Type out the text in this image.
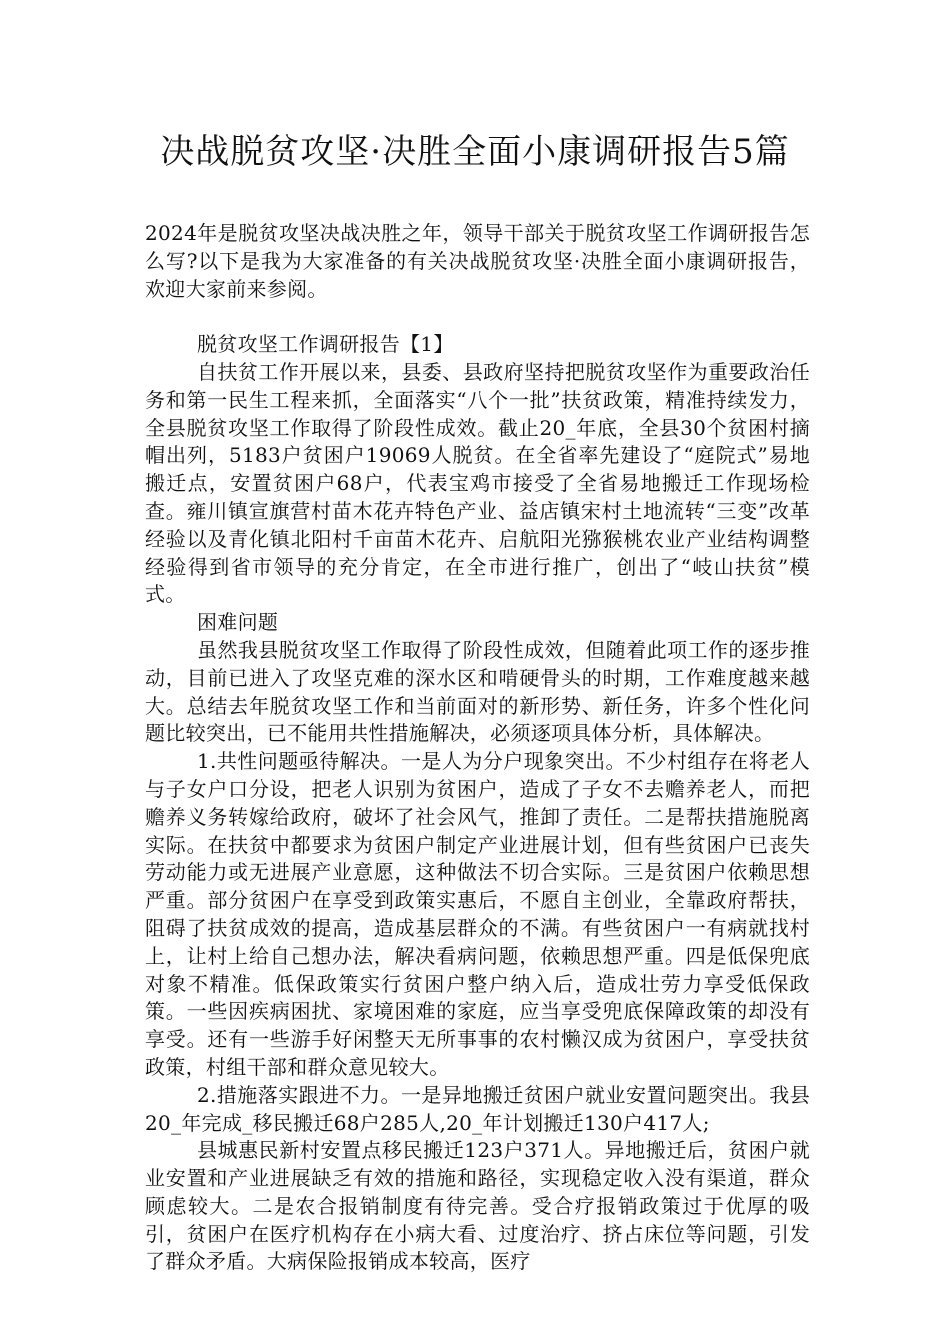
决战脱贫攻坚·决胜全面小康调研报告5篇

2024年是脱贫攻坚决战决胜之年，领导干部关于脱贫攻坚工作调研报告怎么写?以下是我为大家准备的有关决战脱贫攻坚·决胜全面小康调研报告，欢迎大家前来参阅。

脱贫攻坚工作调研报告【1】

自扶贫工作开展以来，县委、县政府坚持把脱贫攻坚作为重要政治任务和第一民生工程来抓，全面落实“八个一批”扶贫政策，精准持续发力，全县脱贫攻坚工作取得了阶段性成效。截止20_年底，全县30个贫困村摘帽出列，5183户贫困户19069人脱贫。在全省率先建设了“庭院式”易地搬迁点，安置贫困户68户，代表宝鸡市接受了全省易地搬迁工作现场检查。雍川镇宣旗营村苗木花卉特色产业、益店镇宋村土地流转“三变”改革经验以及青化镇北阳村千亩苗木花卉、启航阳光猕猴桃农业产业结构调整经验得到省市领导的充分肯定，在全市进行推广，创出了“岐山扶贫”模式。

困难问题

虽然我县脱贫攻坚工作取得了阶段性成效，但随着此项工作的逐步推动，目前已进入了攻坚克难的深水区和啃硬骨头的时期，工作难度越来越大。总结去年脱贫攻坚工作和当前面对的新形势、新任务，许多个性化问题比较突出，已不能用共性措施解决，必须逐项具体分析，具体解决。

1.共性问题亟待解决。一是人为分户现象突出。不少村组存在将老人与子女户口分设，把老人识别为贫困户，造成了子女不去赡养老人，而把赡养义务转嫁给政府，破坏了社会风气，推卸了责任。二是帮扶措施脱离实际。在扶贫中都要求为贫困户制定产业进展计划，但有些贫困户已丧失劳动能力或无进展产业意愿，这种做法不切合实际。三是贫困户依赖思想严重。部分贫困户在享受到政策实惠后，不愿自主创业，全靠政府帮扶，阻碍了扶贫成效的提高，造成基层群众的不满。有些贫困户一有病就找村上，让村上给自己想办法，解决看病问题，依赖思想严重。四是低保兜底对象不精准。低保政策实行贫困户整户纳入后，造成壮劳力享受低保政策。一些因疾病困扰、家境困难的家庭，应当享受兜底保障政策的却没有享受。还有一些游手好闲整天无所事事的农村懒汉成为贫困户，享受扶贫政策，村组干部和群众意见较大。

2.措施落实跟进不力。一是异地搬迁贫困户就业安置问题突出。我县20_年完成_移民搬迁68户285人,20_年计划搬迁130户417人;

县城惠民新村安置点移民搬迁123户371人。异地搬迁后，贫困户就业安置和产业进展缺乏有效的措施和路径，实现稳定收入没有渠道，群众顾虑较大。二是农合报销制度有待完善。受合疗报销政策过于优厚的吸引，贫困户在医疗机构存在小病大看、过度治疗、挤占床位等问题，引发了群众矛盾。大病保险报销成本较高，医疗
